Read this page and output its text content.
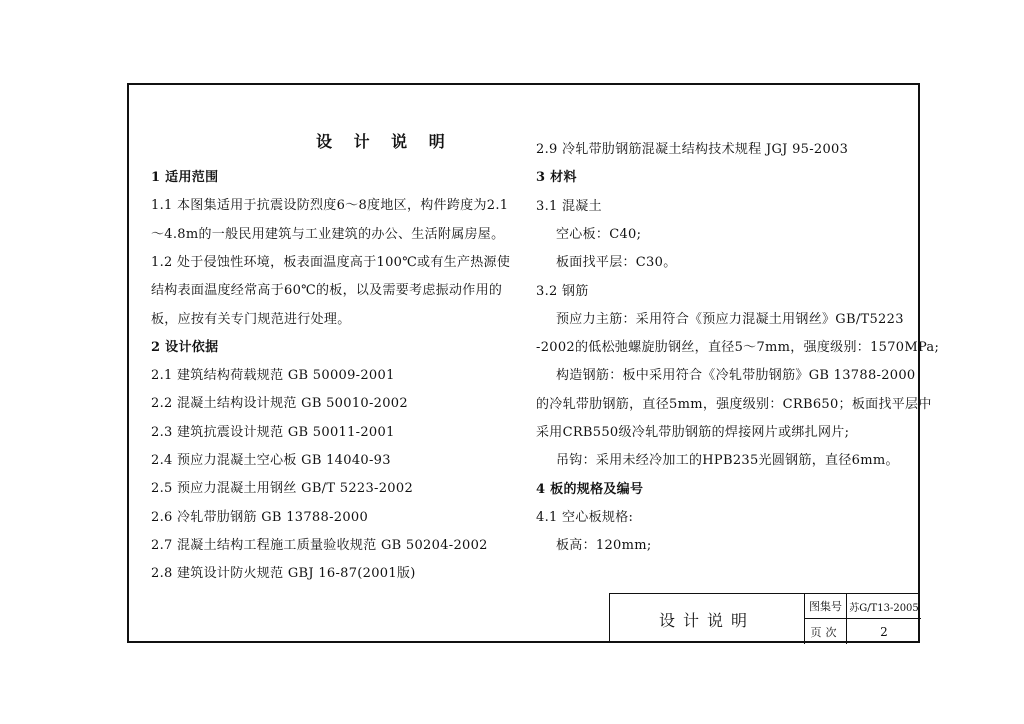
设 计 说 明
1 适用范围
1.1 本图集适用于抗震设防烈度6～8度地区，构件跨度为2.1
～4.8m的一般民用建筑与工业建筑的办公、生活附属房屋。
1.2 处于侵蚀性环境，板表面温度高于100℃或有生产热源使
结构表面温度经常高于60℃的板，以及需要考虑振动作用的
板，应按有关专门规范进行处理。
2 设计依据
2.1 建筑结构荷载规范 GB 50009-2001
2.2 混凝土结构设计规范 GB 50010-2002
2.3 建筑抗震设计规范 GB 50011-2001
2.4 预应力混凝土空心板 GB 14040-93
2.5 预应力混凝土用钢丝 GB/T 5223-2002
2.6 冷轧带肋钢筋 GB 13788-2000
2.7 混凝土结构工程施工质量验收规范 GB 50204-2002
2.8 建筑设计防火规范 GBJ 16-87(2001版)
2.9 冷轧带肋钢筋混凝土结构技术规程 JGJ 95-2003
3 材料
3.1 混凝土
空心板：C40;
板面找平层：C30。
3.2 钢筋
预应力主筋：采用符合《预应力混凝土用钢丝》GB/T5223
-2002的低松弛螺旋肋钢丝，直径5～7mm，强度级别：1570MPa;
构造钢筋：板中采用符合《冷轧带肋钢筋》GB 13788-2000
的冷轧带肋钢筋，直径5mm，强度级别：CRB650；板面找平层中
采用CRB550级冷轧带肋钢筋的焊接网片或绑扎网片;
吊钩：采用未经冷加工的HPB235光圆钢筋，直径6mm。
4 板的规格及编号
4.1 空心板规格:
板高：120mm;
设计说明
图集号 苏G/T13-2005
页次	2
